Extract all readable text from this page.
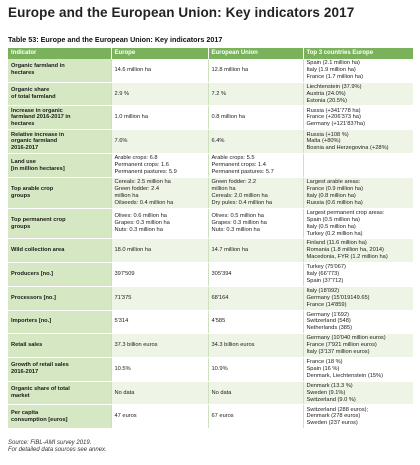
Europe and the European Union: Key indicators 2017
Table 53: Europe and the European Union: Key indicators 2017
Indicator	Europe	European Union	Top 3 countries Europe

Organic farmland in
hectares	14.6 million ha	12.8 million ha	Spain (2.1 million ha)
Italy (1.9 million ha)
France (1.7 million ha)

Organic share
of total farmland	2.9 %	7.2 %	Liechtenstein (37.9%)
Austria (24.0%)
Estonia (20.5%)

Increase in organic
farmland 2016-2017 in
hectares	1.0 million ha	0.8 million ha	Russia (+341'778 ha)
France (+206'373 ha)
Germany (+121'837ha)

Relative increase in
organic farmland
2016-2017	7.6%	6.4%	Russia (+108 %)
Malta (+80%)
Bosnia and Herzegovina (+28%)

Land use
[in million hectares]	Arable crops: 6.8
Permanent crops: 1.6
Permanent pastures: 5.9	Arable crops: 5.5
Permanent crops: 1.4
Permanent pastures: 5.7	

Top arable crop
groups	Cereals: 2.5 million ha
Green fodder: 2.4
million ha
Oilseeds: 0.4 million ha	Green fodder: 2.2
million ha
Cereals: 2.0 million ha
Dry pules: 0.4 million ha	Largest arable areas:
France (0.9 million ha)
Italy (0.8 million ha)
Russia (0.6 million ha)

Top permanent crop
groups	Olives: 0.6 million ha
Grapes: 0.3 million ha
Nuts: 0.3 million ha	Olives: 0.5 million ha
Grapes: 0.3 million ha
Nuts: 0.3 million ha	Largest permanent crop areas:
Spain (0.5 million ha)
Italy (0.5 million ha)
Turkey (0.2 million ha)

Wild collection area	18.0 million ha	14.7 million ha	Finland (11.6 million ha)
Romania (1.8 million ha, 2014)
Macedonia, FYR (1.2 million ha)

Producers [no.]	397'509	305'394	Turkey (75'067)
Italy (66'773)
Spain (37'712)

Processors [no.]	71'375	68'164	Italy (18'092)
Germany (15'019149.65)
France (14'859)

Importers [no.]	5'314	4'585	Germany (1'692)
Switzerland (548)
Netherlands (385)

Retail sales	37.3 billion euros	34.3 billion euros	Germany (10'040 million euros)
France (7'921 million euros)
Italy (3'137 million euros)

Growth of retail sales
2016-2017	10.5%	10.9%	France (18 %)
Spain (16 %)
Denmark, Liechtenstein (15%)

Organic share of total
market	No data	No data	Denmark (13.3 %)
Sweden (9.1%)
Switzerland (9.0 %)

Per capita
consumption [euros]	47 euros	67 euros	Switzerland (288 euros);
Denmark (278 euros)
Sweden (237 euros)
Source: FiBL-AMI survey 2019.
For detailed data sources see annex.
